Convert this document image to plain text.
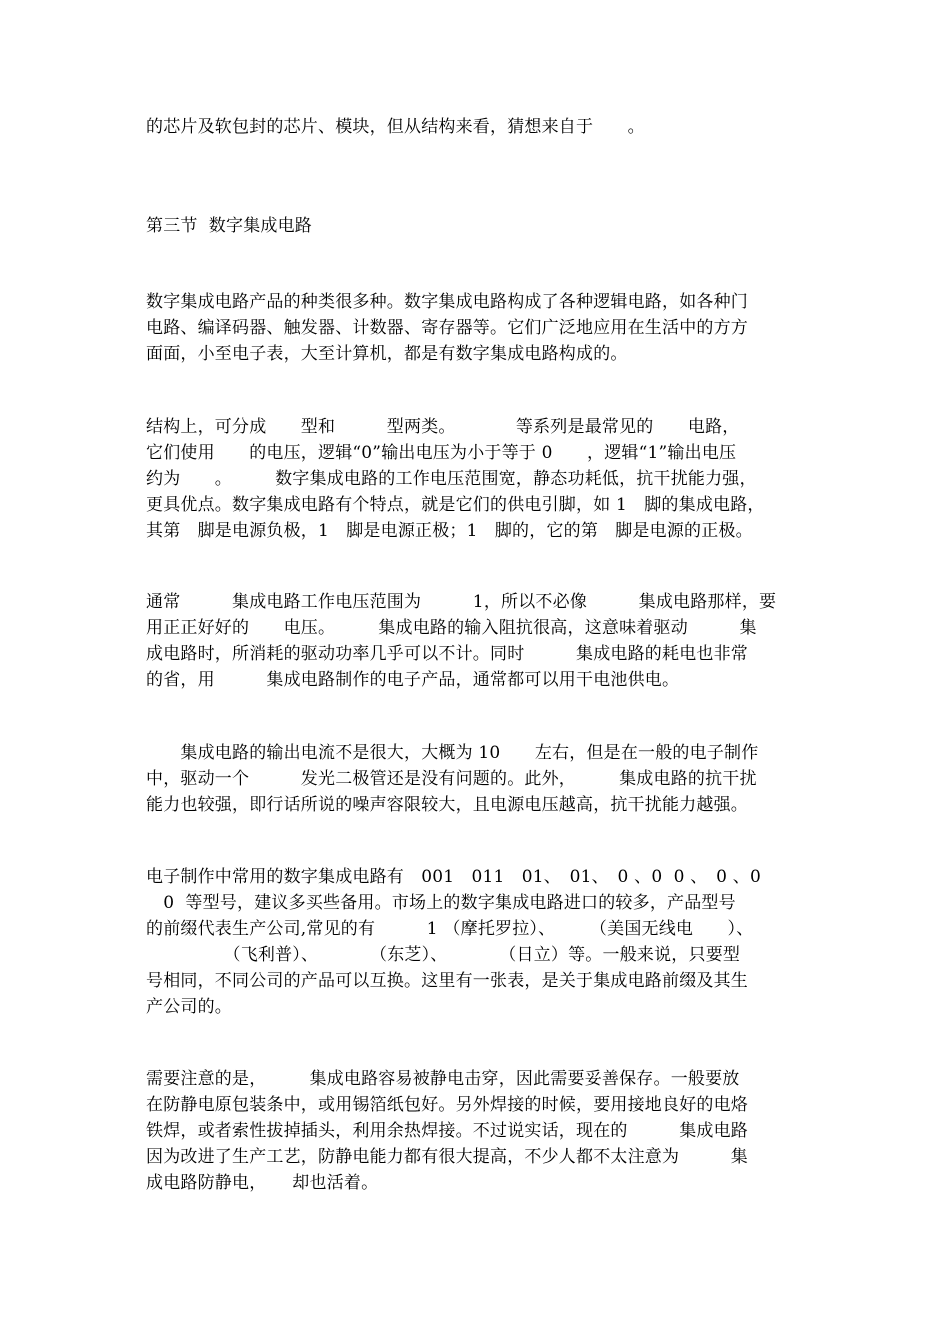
的芯片及软包封的芯片、模块，但从结构来看，猜想来自于　　。
第三节  数字集成电路
数字集成电路产品的种类很多种。数字集成电路构成了各种逻辑电路，如各种门
电路、编译码器、触发器、计数器、寄存器等。它们广泛地应用在生活中的方方
面面，小至电子表，大至计算机，都是有数字集成电路构成的。
结构上，可分成　　型和　　　型两类。　　　　等系列是最常见的　　电路，
它们使用　　的电压，逻辑“0”输出电压为小于等于 0　　，逻辑“1”输出电压
约为　　。　　　数字集成电路的工作电压范围宽，静态功耗低，抗干扰能力强，
更具优点。数字集成电路有个特点，就是它们的供电引脚，如 1　脚的集成电路，
其第　脚是电源负极，1　脚是电源正极；1　脚的，它的第　脚是电源的正极。
通常　　　集成电路工作电压范围为　　　1，所以不必像　　　集成电路那样，要
用正正好好的　　电压。　　　集成电路的输入阻抗很高，这意味着驱动　　　集
成电路时，所消耗的驱动功率几乎可以不计。同时　　　集成电路的耗电也非常
的省，用　　　集成电路制作的电子产品，通常都可以用干电池供电。
　　集成电路的输出电流不是很大，大概为 10　　左右，但是在一般的电子制作
中，驱动一个　　　发光二极管还是没有问题的。此外，　　　集成电路的抗干扰
能力也较强，即行话所说的噪声容限较大，且电源电压越高，抗干扰能力越强。
电子制作中常用的数字集成电路有　001　011　01、　01、　0 、0  0 、　0 、0
　0  等型号，建议多买些备用。市场上的数字集成电路进口的较多，产品型号
的前缀代表生产公司,常见的有　　　1 （摩托罗拉）、　　　（美国无线电　　）、
　　　　　（飞利普）、　　　　（东芝）、　　　　（日立）等。一般来说，只要型
号相同，不同公司的产品可以互换。这里有一张表，是关于集成电路前缀及其生
产公司的。
需要注意的是，　　　集成电路容易被静电击穿，因此需要妥善保存。一般要放
在防静电原包装条中，或用锡箔纸包好。另外焊接的时候，要用接地良好的电烙
铁焊，或者索性拔掉插头，利用余热焊接。不过说实话，现在的　　　集成电路
因为改进了生产工艺，防静电能力都有很大提高，不少人都不太注意为　　　集
成电路防静电，　　却也活着。
